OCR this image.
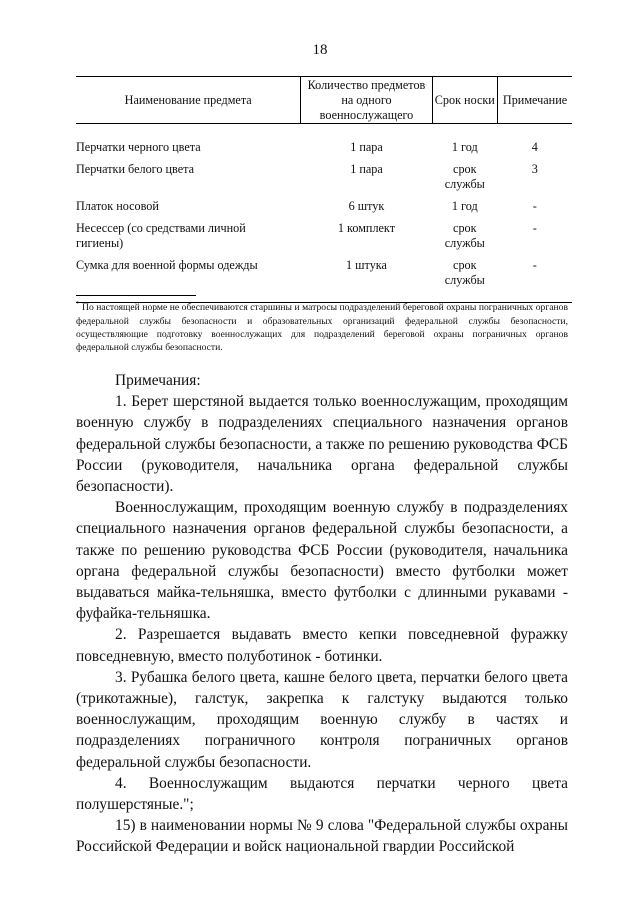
18
Наименование предмета	Количество предметов на одного военнослужащего	Срок носки	Примечание

Перчатки черного цвета	1 пара	1 год	4
Перчатки белого цвета	1 пара	срок службы	3
Платок носовой	6 штук	1 год	-
Несессер (со средствами личной гигиены)	1 комплект	срок службы	-
Сумка для военной формы одежды	1 штука	срок службы	-
* По настоящей норме не обеспечиваются старшины и матросы подразделений береговой охраны пограничных органов федеральной службы безопасности и образовательных организаций федеральной службы безопасности, осуществляющие подготовку военнослужащих для подразделений береговой охраны пограничных органов федеральной службы безопасности.

Примечания:

1. Берет шерстяной выдается только военнослужащим, проходящим военную службу в подразделениях специального назначения органов федеральной службы безопасности, а также по решению руководства ФСБ России (руководителя, начальника органа федеральной службы безопасности).

Военнослужащим, проходящим военную службу в подразделениях специального назначения органов федеральной службы безопасности, а также по решению руководства ФСБ России (руководителя, начальника органа федеральной службы безопасности) вместо футболки может выдаваться майка-тельняшка, вместо футболки с длинными рукавами - фуфайка-тельняшка.

2. Разрешается выдавать вместо кепки повседневной фуражку повседневную, вместо полуботинок - ботинки.

3. Рубашка белого цвета, кашне белого цвета, перчатки белого цвета (трикотажные), галстук, закрепка к галстуку выдаются только военнослужащим, проходящим военную службу в частях и подразделениях пограничного контроля пограничных органов федеральной службы безопасности.

4. Военнослужащим выдаются перчатки черного цвета полушерстяные.";

15) в наименовании нормы № 9 слова "Федеральной службы охраны Российской Федерации и войск национальной гвардии Российской
